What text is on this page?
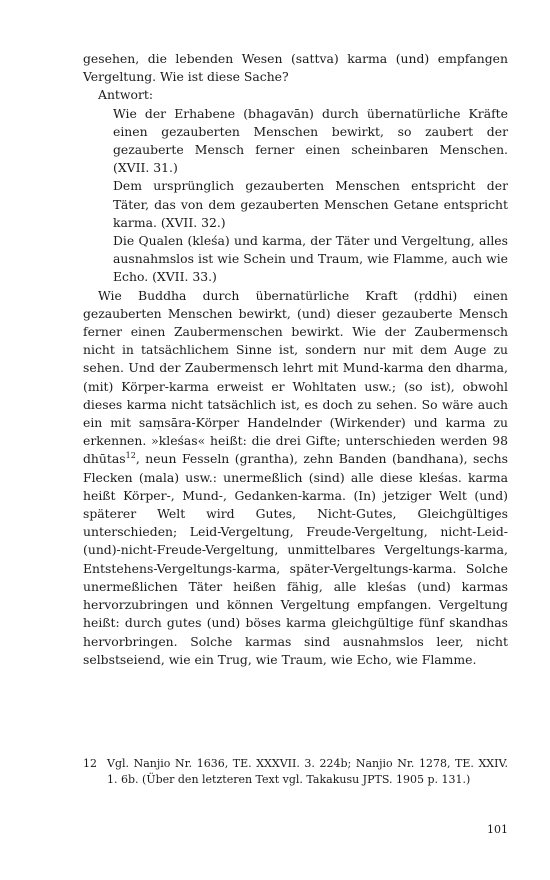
gesehen, die lebenden Wesen (sattva) karma (und) empfangen Vergeltung. Wie ist diese Sache?

Antwort:

Wie der Erhabene (bhagavān) durch übernatürliche Kräfte einen gezauberten Menschen bewirkt, so zaubert der gezauberte Mensch ferner einen scheinbaren Menschen. (XVII. 31.)

Dem ursprünglich gezauberten Menschen entspricht der Täter, das von dem gezauberten Menschen Getane entspricht karma. (XVII. 32.)

Die Qualen (kleśa) und karma, der Täter und Vergeltung, alles ausnahmslos ist wie Schein und Traum, wie Flamme, auch wie Echo. (XVII. 33.)

Wie Buddha durch übernatürliche Kraft (ṛddhi) einen gezauberten Menschen bewirkt, (und) dieser gezauberte Mensch ferner einen Zaubermenschen bewirkt. Wie der Zaubermensch nicht in tatsächlichem Sinne ist, sondern nur mit dem Auge zu sehen. Und der Zaubermensch lehrt mit Mund-karma den dharma, (mit) Körper-karma erweist er Wohltaten usw.; (so ist), obwohl dieses karma nicht tatsächlich ist, es doch zu sehen. So wäre auch ein mit saṃsāra-Körper Handelnder (Wirkender) und karma zu erkennen. »kleśas« heißt: die drei Gifte; unterschieden werden 98 dhūtas$^{12}$, neun Fesseln (grantha), zehn Banden (bandhana), sechs Flecken (mala) usw.: unermeßlich (sind) alle diese kleśas. karma heißt Körper-, Mund-, Gedanken-karma. (In) jetziger Welt (und) späterer Welt wird Gutes, Nicht-Gutes, Gleichgültiges unterschieden; Leid-Vergeltung, Freude-Vergeltung, nicht-Leid-(und)-nicht-Freude-Vergeltung, unmittelbares Vergeltungs-karma, Entstehens-Vergeltungs-karma, später-Vergeltungs-karma. Solche unermeßlichen Täter heißen fähig, alle kleśas (und) karmas hervorzubringen und können Vergeltung empfangen. Vergeltung heißt: durch gutes (und) böses karma gleichgültige fünf skandhas hervorbringen. Solche karmas sind ausnahmslos leer, nicht selbstseiend, wie ein Trug, wie Traum, wie Echo, wie Flamme.

12 Vgl. Nanjio Nr. 1636, TE. XXXVII. 3. 224b; Nanjio Nr. 1278, TE. XXIV. 1. 6b. (Über den letzteren Text vgl. Takakusu JPTS. 1905 p. 131.)
101
